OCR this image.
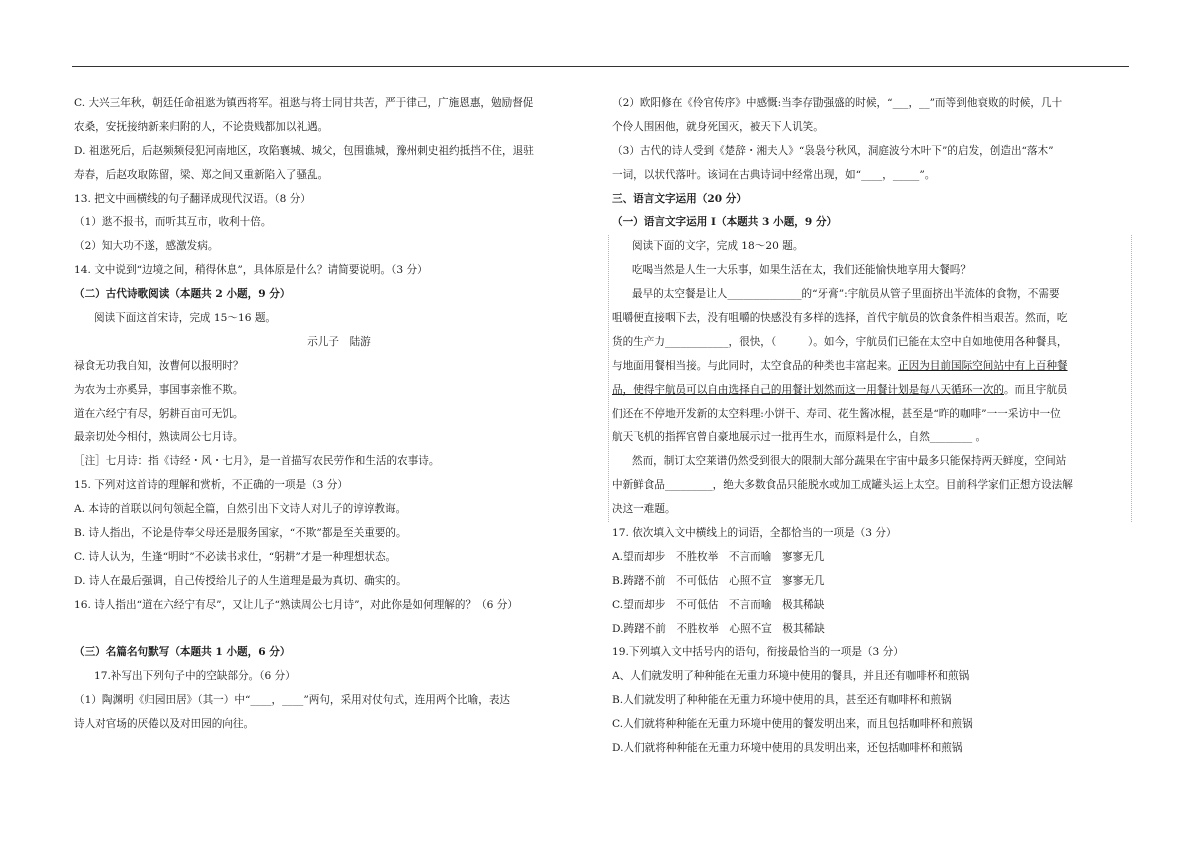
C. 大兴三年秋，朝廷任命祖逖为镇西将军。祖逖与将士同甘共苦，严于律己，广施恩惠，勉励督促
农桑，安抚接纳新来归附的人，不论贵贱都加以礼遇。
D. 祖逖死后，后赵频频侵犯河南地区，攻陷襄城、城父，包围谯城，豫州刺史祖约抵挡不住，退驻
寿春，后赵攻取陈留，梁、郑之间又重新陷入了骚乱。
13. 把文中画横线的句子翻译成现代汉语。（8 分）
（1）逖不报书，而听其互市，收利十倍。
（2）知大功不遂，感激发病。
14. 文中说到“边境之间，稍得休息”，具体原是什么？请简要说明。（3 分）
（二）古代诗歌阅读（本题共 2 小题，9 分）
阅读下面这首宋诗，完成 15～16 题。
示儿子　陆游
禄食无功我自知，汝曹何以报明时？
为农为士亦奚异，事国事亲惟不欺。
道在六经宁有尽，躬耕百亩可无饥。
最亲切处今相付，熟读周公七月诗。
［注］七月诗：指《诗经・风・七月》，是一首描写农民劳作和生活的农事诗。
15. 下列对这首诗的理解和赏析，不正确的一项是（3 分）
A. 本诗的首联以问句领起全篇，自然引出下文诗人对儿子的谆谆教诲。
B. 诗人指出，不论是侍奉父母还是服务国家，“不欺”都是至关重要的。
C. 诗人认为，生逢“明时”不必读书求仕，“躬耕”才是一种理想状态。
D. 诗人在最后强调，自己传授给儿子的人生道理是最为真切、确实的。
16. 诗人指出“道在六经宁有尽”，又让儿子“熟读周公七月诗”，对此你是如何理解的？（6 分）
（三）名篇名句默写（本题共 1 小题，6 分）
17.补写出下列句子中的空缺部分。（6 分）
（1）陶渊明《归园田居》（其一）中“____，____”两句，采用对仗句式，连用两个比喻，表达
诗人对官场的厌倦以及对田园的向往。
（2）欧阳修在《伶官传序》中感慨:当李存勖强盛的时候，“___，__”而等到他衰败的时候，几十
个伶人围困他，就身死国灭，被天下人讥笑。
（3）古代的诗人受到《楚辞・湘夫人》“袅袅兮秋风，洞庭波兮木叶下”的启发，创造出“落木”
一词，以状代落叶。该词在古典诗词中经常出现，如“____，_____”。
三、语言文字运用（20 分）
（一）语言文字运用 I（本题共 3 小题，9 分）
阅读下面的文字，完成 18～20 题。
吃喝当然是人生一大乐事，如果生活在太，我们还能愉快地享用大餐吗？
最早的太空餐是让人______________的“牙膏”:宇航员从管子里面挤出半流体的食物，不需要
咀嚼便直接咽下去，没有咀嚼的快感没有多样的选择，首代宇航员的饮食条件相当艰苦。然而，吃
货的生产力____________，很快，（　　　）。如今，宇航员们已能在太空中自如地使用各种餐具，
与地面用餐相当接。与此同时，太空食品的种类也丰富起来。正因为目前国际空间站中有上百种餐
品，使得宇航员可以自由选择自己的用餐计划然而这一用餐计划是每八天循环一次的。而且宇航员
们还在不停地开发新的太空料理:小饼干、寿司、花生酱冰棍，甚至是“昨的咖啡”一一采访中一位
航天飞机的指挥官曾自豪地展示过一批再生水，而原料是什么，自然________ 。
然而，制订太空莱谱仍然受到很大的限制大部分蔬果在宇宙中最多只能保持两天鲜度，空间站
中新鲜食品_________，绝大多数食品只能脱水或加工成罐头运上太空。目前科学家们正想方设法解
决这一难题。
17. 依次填入文中横线上的词语，全都恰当的一项是（3 分）
A.望而却步　不胜枚举　不言而喻　寥寥无几
B.踌躇不前　不可低估　心照不宣　寥寥无几
C.望而却步　不可低估　不言而喻　极其稀缺
D.踌躇不前　不胜枚举　心照不宣　极其稀缺
19.下列填入文中括号内的语句，衔接最恰当的一项是（3 分）
A、人们就发明了种种能在无重力环境中使用的餐具，并且还有咖啡杯和煎锅
B.人们就发明了种种能在无重力环境中使用的具，甚至还有咖啡杯和煎锅
C.人们就将种种能在无重力环境中使用的餐发明出来，而且包括咖啡杯和煎锅
D.人们就将种种能在无重力环境中使用的具发明出来，还包括咖啡杯和煎锅
